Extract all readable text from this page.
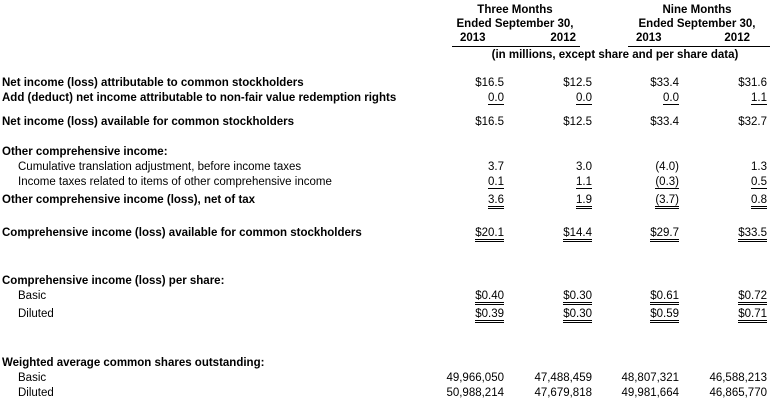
Three Months
Ended September 30,
Nine Months
Ended September 30,
2013	2012	2013	2012
(in millions, except share and per share data)
Net income (loss) attributable to common stockholders	$16.5	$12.5	$33.4	$31.6
Add (deduct) net income attributable to non-fair value redemption rights	0.0	0.0	0.0	1.1
Net income (loss) available for common stockholders	$16.5	$12.5	$33.4	$32.7
Other comprehensive income:
Cumulative translation adjustment, before income taxes	3.7	3.0	(4.0)	1.3
Income taxes related to items of other comprehensive income	0.1	1.1	(0.3)	0.5
Other comprehensive income (loss), net of tax	3.6	1.9	(3.7)	0.8
Comprehensive income (loss) available for common stockholders	$20.1	$14.4	$29.7	$33.5
Comprehensive income (loss) per share:
Basic	$0.40	$0.30	$0.61	$0.72
Diluted	$0.39	$0.30	$0.59	$0.71
Weighted average common shares outstanding:
Basic	49,966,050	47,488,459	48,807,321	46,588,213
Diluted	50,988,214	47,679,818	49,981,664	46,865,770
